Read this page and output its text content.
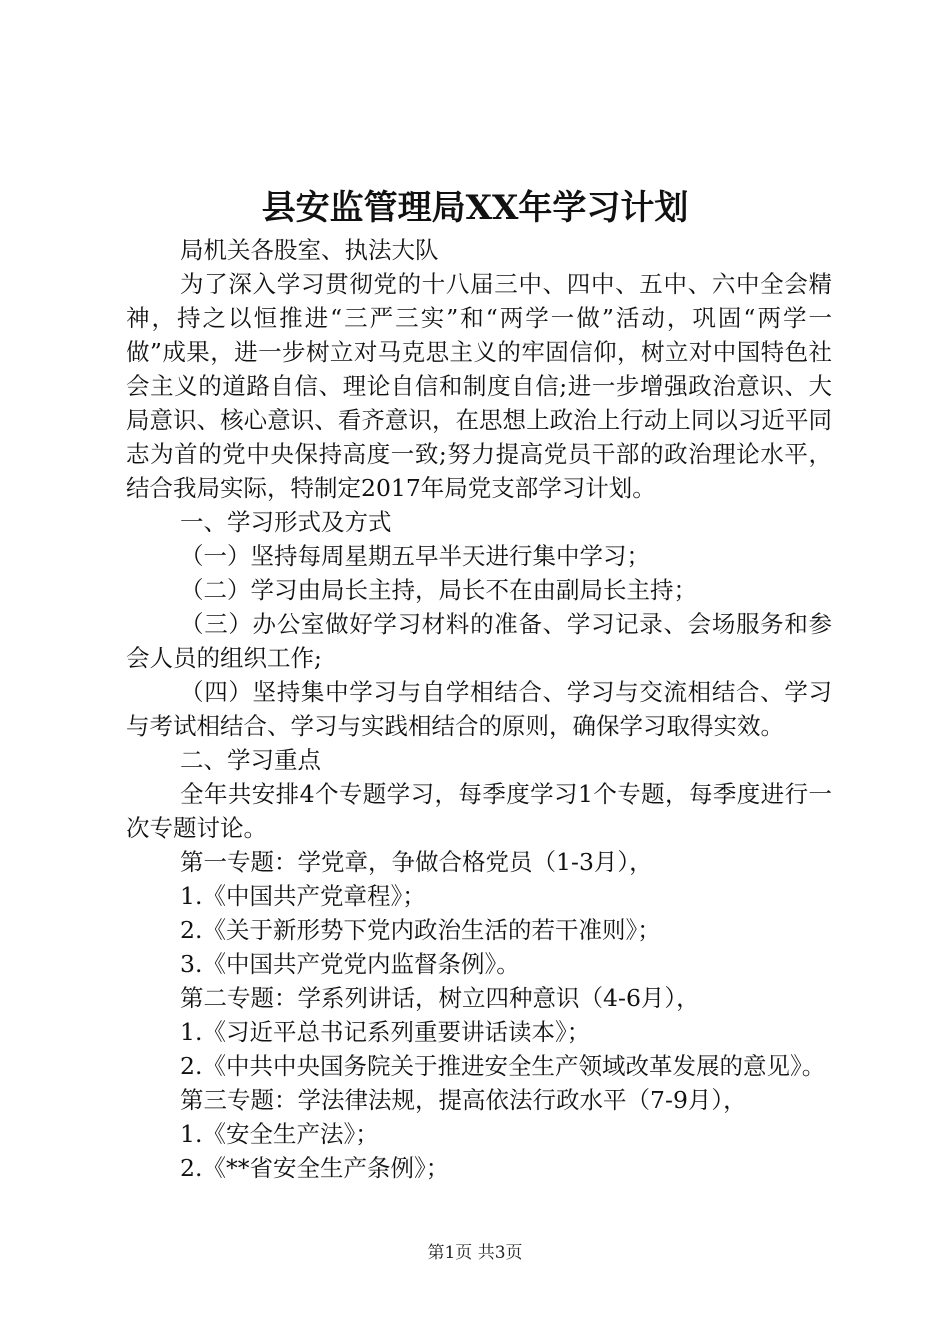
县安监管理局XX年学习计划

局机关各股室、执法大队

为了深入学习贯彻党的十八届三中、四中、五中、六中全会精神，持之以恒推进“三严三实”和“两学一做”活动，巩固“两学一做”成果，进一步树立对马克思主义的牢固信仰，树立对中国特色社会主义的道路自信、理论自信和制度自信;进一步增强政治意识、大局意识、核心意识、看齐意识，在思想上政治上行动上同以习近平同志为首的党中央保持高度一致;努力提高党员干部的政治理论水平，结合我局实际，特制定2017年局党支部学习计划。

一、学习形式及方式

（一）坚持每周星期五早半天进行集中学习；

（二）学习由局长主持，局长不在由副局长主持；

（三）办公室做好学习材料的准备、学习记录、会场服务和参会人员的组织工作;

（四）坚持集中学习与自学相结合、学习与交流相结合、学习与考试相结合、学习与实践相结合的原则，确保学习取得实效。

二、学习重点

全年共安排4个专题学习，每季度学习1个专题，每季度进行一次专题讨论。

第一专题：学党章，争做合格党员（1-3月），

1.《中国共产党章程》；

2.《关于新形势下党内政治生活的若干准则》；

3.《中国共产党党内监督条例》。

第二专题：学系列讲话，树立四种意识（4-6月），

1.《习近平总书记系列重要讲话读本》；

2.《中共中央国务院关于推进安全生产领域改革发展的意见》。

第三专题：学法律法规，提高依法行政水平（7-9月），

1.《安全生产法》；

2.《**省安全生产条例》；

第1页 共3页
